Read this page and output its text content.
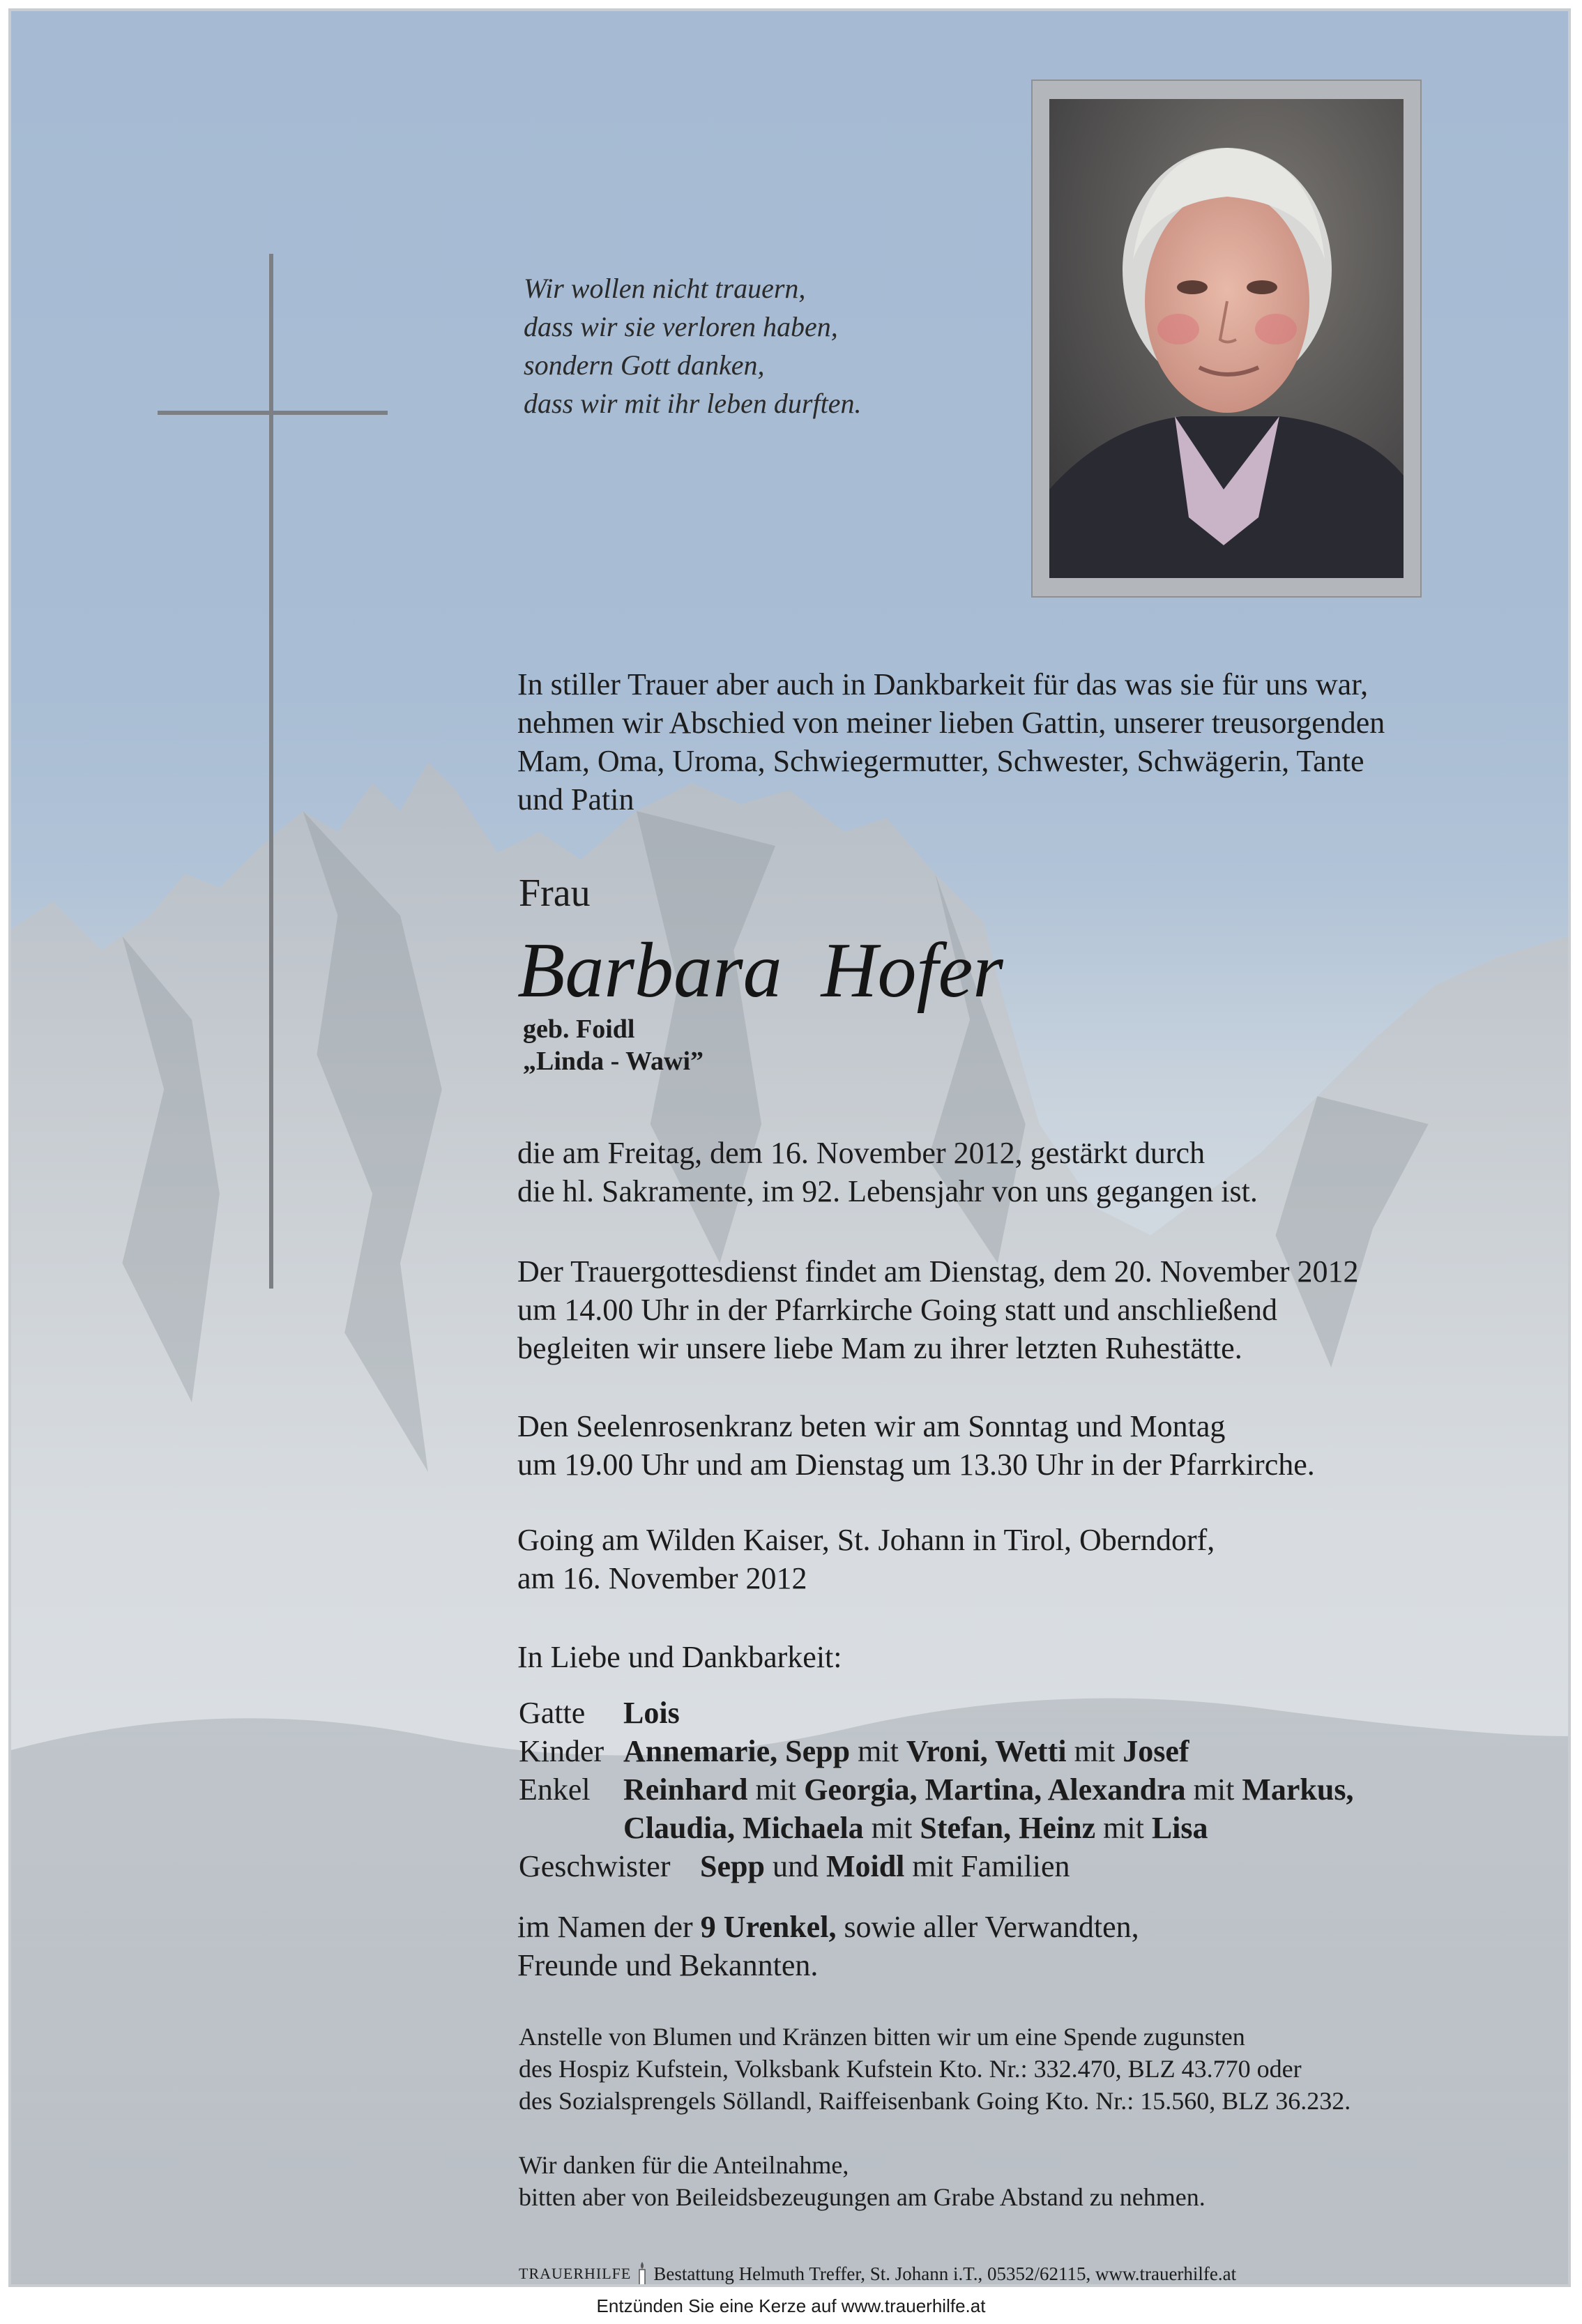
Wir wollen nicht trauern,
dass wir sie verloren haben,
sondern Gott danken,
dass wir mit ihr leben durften.
In stiller Trauer aber auch in Dankbarkeit für das was sie für uns war,
nehmen wir Abschied von meiner lieben Gattin, unserer treusorgenden
Mam, Oma, Uroma, Schwiegermutter, Schwester, Schwägerin, Tante
und Patin
Frau
Barbara  Hofer
geb. Foidl
„Linda - Wawi”
die am Freitag, dem 16. November 2012, gestärkt durch
die hl. Sakramente, im 92. Lebensjahr von uns gegangen ist.
Der Trauergottesdienst findet am Dienstag, dem 20. November 2012
um 14.00 Uhr in der Pfarrkirche Going statt und anschließend
begleiten wir unsere liebe Mam zu ihrer letzten Ruhestätte.
Den Seelenrosenkranz beten wir am Sonntag und Montag
um 19.00 Uhr und am Dienstag um 13.30 Uhr in der Pfarrkirche.
Going am Wilden Kaiser, St. Johann in Tirol, Oberndorf,
am 16. November 2012
In Liebe und Dankbarkeit:
Gatte Lois
Kinder Annemarie, Sepp mit Vroni, Wetti mit Josef
Enkel Reinhard mit Georgia, Martina, Alexandra mit Markus,
Claudia, Michaela mit Stefan, Heinz mit Lisa
Geschwister Sepp und Moidl mit Familien
im Namen der 9 Urenkel, sowie aller Verwandten,
Freunde und Bekannten.
Anstelle von Blumen und Kränzen bitten wir um eine Spende zugunsten
des Hospiz Kufstein, Volksbank Kufstein Kto. Nr.: 332.470, BLZ 43.770 oder
des Sozialsprengels Söllandl, Raiffeisenbank Going Kto. Nr.: 15.560, BLZ 36.232.
Wir danken für die Anteilnahme,
bitten aber von Beileidsbezeugungen am Grabe Abstand zu nehmen.
TRAUERHILFE Bestattung Helmuth Treffer, St. Johann i.T., 05352/62115, www.trauerhilfe.at
Entzünden Sie eine Kerze auf www.trauerhilfe.at
